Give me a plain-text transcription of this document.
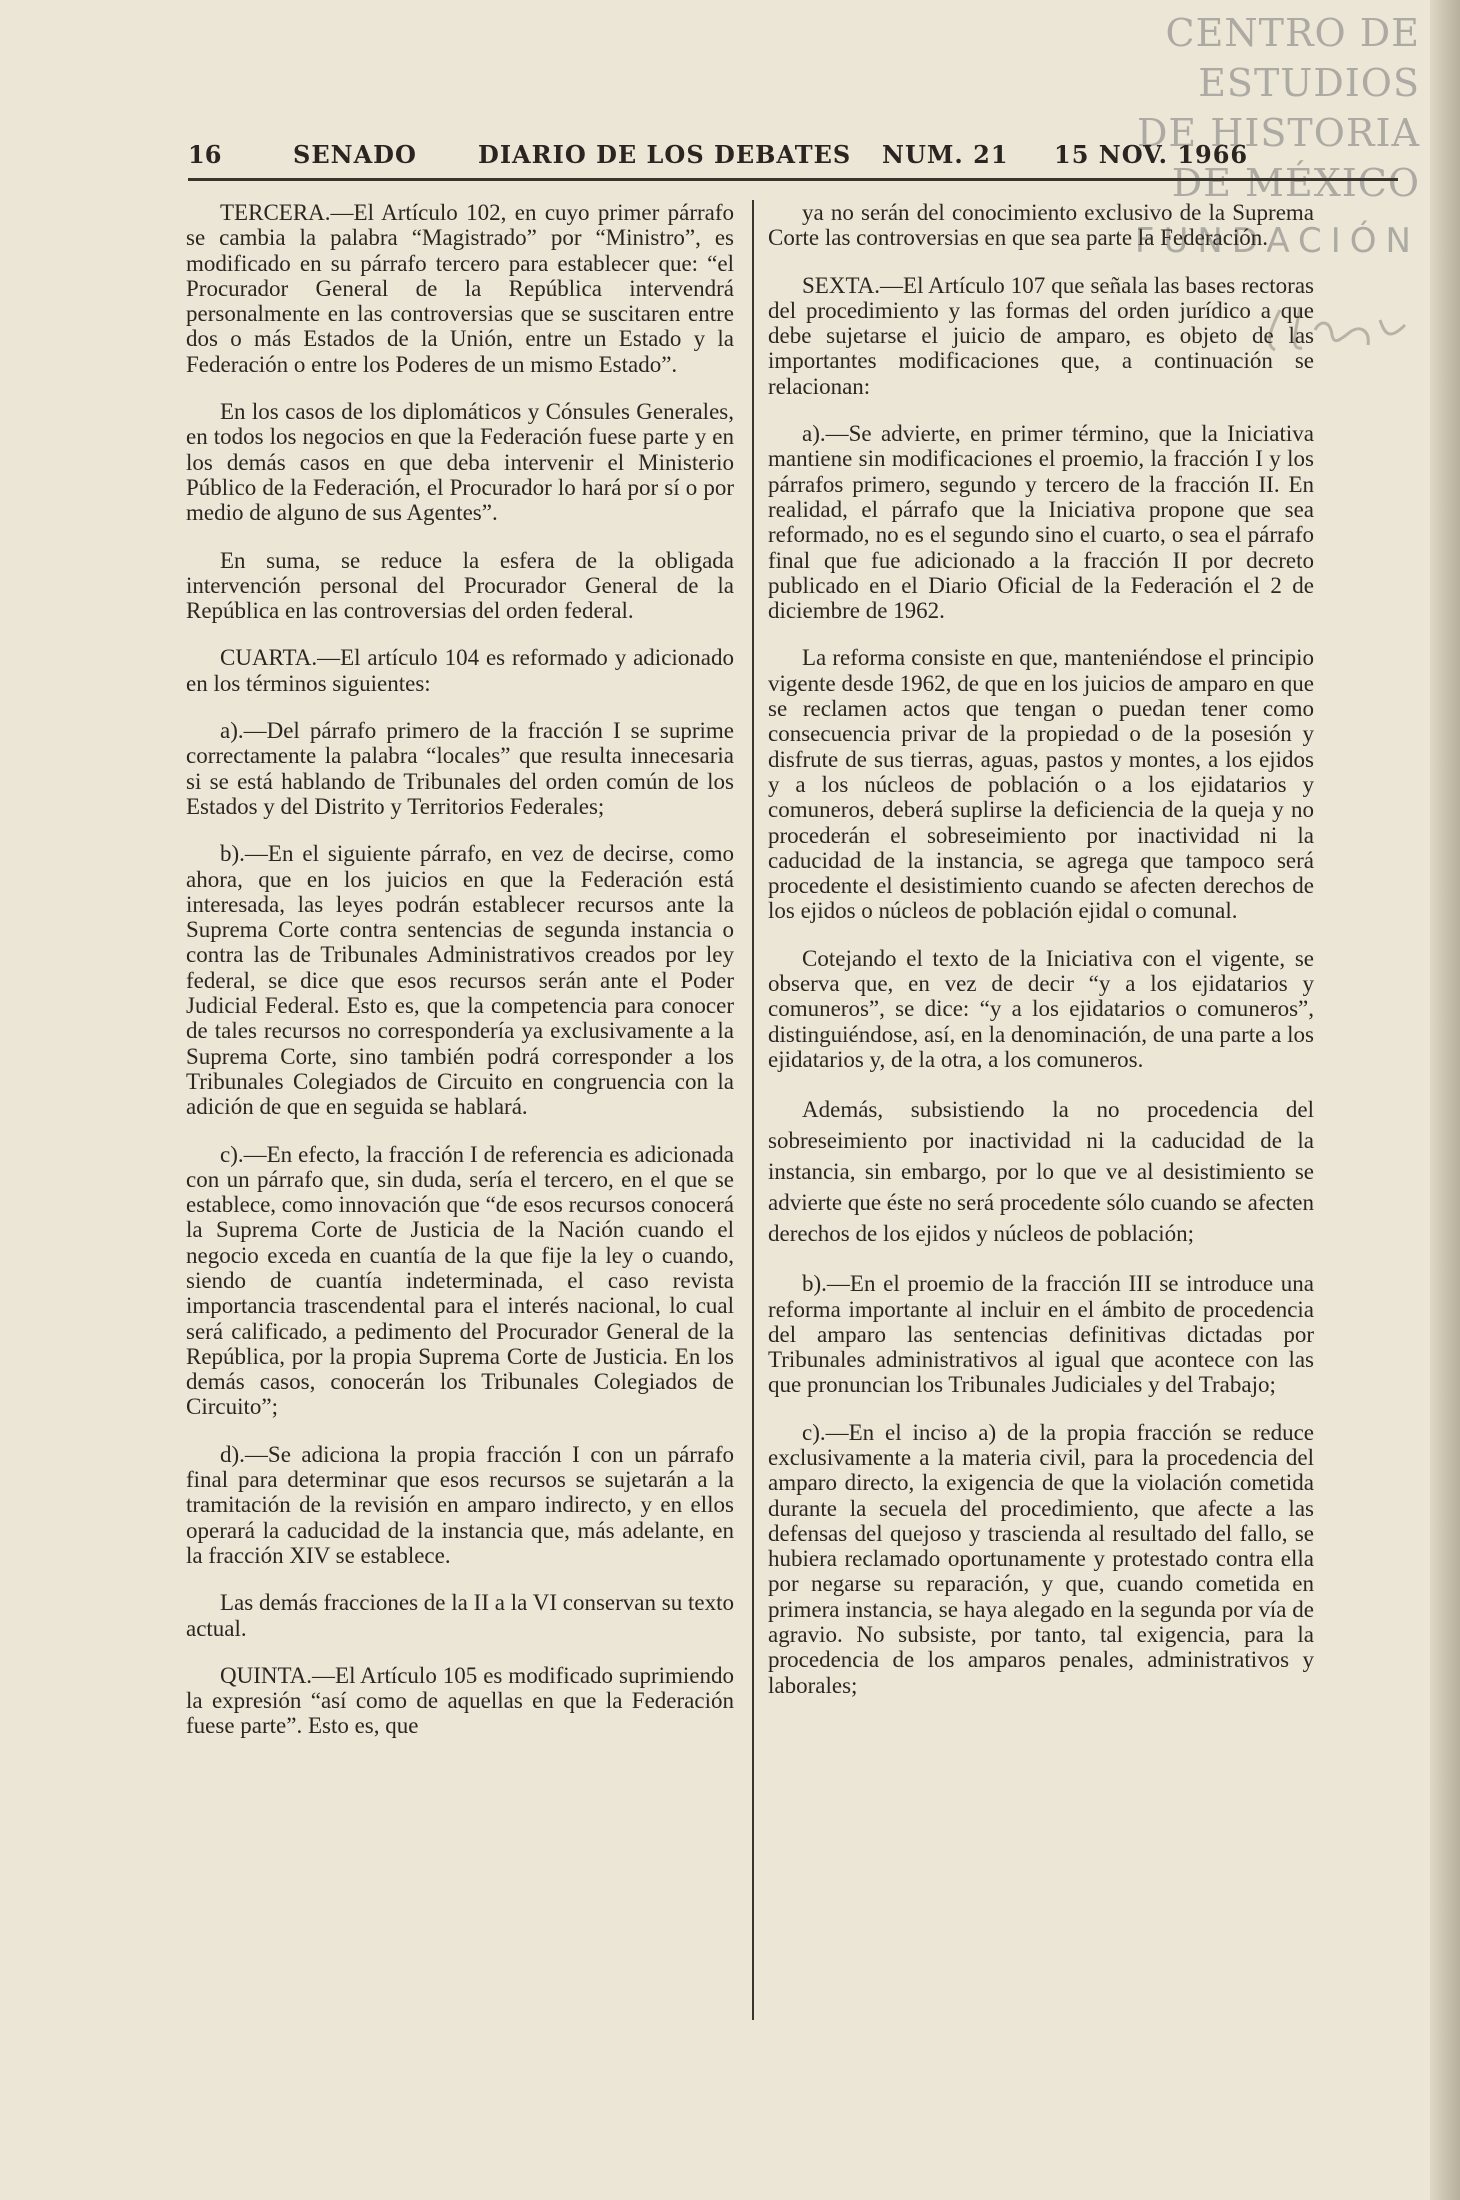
CENTRO DE
ESTUDIOS
DE HISTORIA
DE MÉXICO
FUNDACIÓN
16	SENADO	DIARIO DE LOS DEBATES NUM. 21 15 NOV. 1966

TERCERA.—El Artículo 102, en cuyo primer párrafo se cambia la palabra “Magistrado” por “Ministro”, es modificado en su párrafo tercero para establecer que: “el Procurador General de la República intervendrá personalmente en las controversias que se suscitaren entre dos o más Estados de la Unión, entre un Estado y la Federación o entre los Poderes de un mismo Estado”.

En los casos de los diplomáticos y Cónsules Generales, en todos los negocios en que la Federación fuese parte y en los demás casos en que deba intervenir el Ministerio Público de la Federación, el Procurador lo hará por sí o por medio de alguno de sus Agentes”.

En suma, se reduce la esfera de la obligada intervención personal del Procurador General de la República en las controversias del orden federal.

CUARTA.—El artículo 104 es reformado y adicionado en los términos siguientes:

a).—Del párrafo primero de la fracción I se suprime correctamente la palabra “locales” que resulta innecesaria si se está hablando de Tribunales del orden común de los Estados y del Distrito y Territorios Federales;

b).—En el siguiente párrafo, en vez de decirse, como ahora, que en los juicios en que la Federación está interesada, las leyes podrán establecer recursos ante la Suprema Corte contra sentencias de segunda instancia o contra las de Tribunales Administrativos creados por ley federal, se dice que esos recursos serán ante el Poder Judicial Federal. Esto es, que la competencia para conocer de tales recursos no correspondería ya exclusivamente a la Suprema Corte, sino también podrá corresponder a los Tribunales Colegiados de Circuito en congruencia con la adición de que en seguida se hablará.

c).—En efecto, la fracción I de referencia es adicionada con un párrafo que, sin duda, sería el tercero, en el que se establece, como innovación que “de esos recursos conocerá la Suprema Corte de Justicia de la Nación cuando el negocio exceda en cuantía de la que fije la ley o cuando, siendo de cuantía indeterminada, el caso revista importancia trascendental para el interés nacional, lo cual será calificado, a pedimento del Procurador General de la República, por la propia Suprema Corte de Justicia. En los demás casos, conocerán los Tribunales Colegiados de Circuito”;

d).—Se adiciona la propia fracción I con un párrafo final para determinar que esos recursos se sujetarán a la tramitación de la revisión en amparo indirecto, y en ellos operará la caducidad de la instancia que, más adelante, en la fracción XIV se establece.

Las demás fracciones de la II a la VI conservan su texto actual.

QUINTA.—El Artículo 105 es modificado suprimiendo la expresión “así como de aquellas en que la Federación fuese parte”. Esto es, que

ya no serán del conocimiento exclusivo de la Suprema Corte las controversias en que sea parte la Federación.

SEXTA.—El Artículo 107 que señala las bases rectoras del procedimiento y las formas del orden jurídico a que debe sujetarse el juicio de amparo, es objeto de las importantes modificaciones que, a continuación se relacionan:

a).—Se advierte, en primer término, que la Iniciativa mantiene sin modificaciones el proemio, la fracción I y los párrafos primero, segundo y tercero de la fracción II. En realidad, el párrafo que la Iniciativa propone que sea reformado, no es el segundo sino el cuarto, o sea el párrafo final que fue adicionado a la fracción II por decreto publicado en el Diario Oficial de la Federación el 2 de diciembre de 1962.

La reforma consiste en que, manteniéndose el principio vigente desde 1962, de que en los juicios de amparo en que se reclamen actos que tengan o puedan tener como consecuencia privar de la propiedad o de la posesión y disfrute de sus tierras, aguas, pastos y montes, a los ejidos y a los núcleos de población o a los ejidatarios y comuneros, deberá suplirse la deficiencia de la queja y no procederán el sobreseimiento por inactividad ni la caducidad de la instancia, se agrega que tampoco será procedente el desistimiento cuando se afecten derechos de los ejidos o núcleos de población ejidal o comunal.

Cotejando el texto de la Iniciativa con el vigente, se observa que, en vez de decir “y a los ejidatarios y comuneros”, se dice: “y a los ejidatarios o comuneros”, distinguiéndose, así, en la denominación, de una parte a los ejidatarios y, de la otra, a los comuneros.

Además, subsistiendo la no procedencia del sobreseimiento por inactividad ni la caducidad de la instancia, sin embargo, por lo que ve al desistimiento se advierte que éste no será procedente sólo cuando se afecten derechos de los ejidos y núcleos de población;

b).—En el proemio de la fracción III se introduce una reforma importante al incluir en el ámbito de procedencia del amparo las sentencias definitivas dictadas por Tribunales administrativos al igual que acontece con las que pronuncian los Tribunales Judiciales y del Trabajo;

c).—En el inciso a) de la propia fracción se reduce exclusivamente a la materia civil, para la procedencia del amparo directo, la exigencia de que la violación cometida durante la secuela del procedimiento, que afecte a las defensas del quejoso y trascienda al resultado del fallo, se hubiera reclamado oportunamente y protestado contra ella por negarse su reparación, y que, cuando cometida en primera instancia, se haya alegado en la segunda por vía de agravio. No subsiste, por tanto, tal exigencia, para la procedencia de los amparos penales, administrativos y laborales;
